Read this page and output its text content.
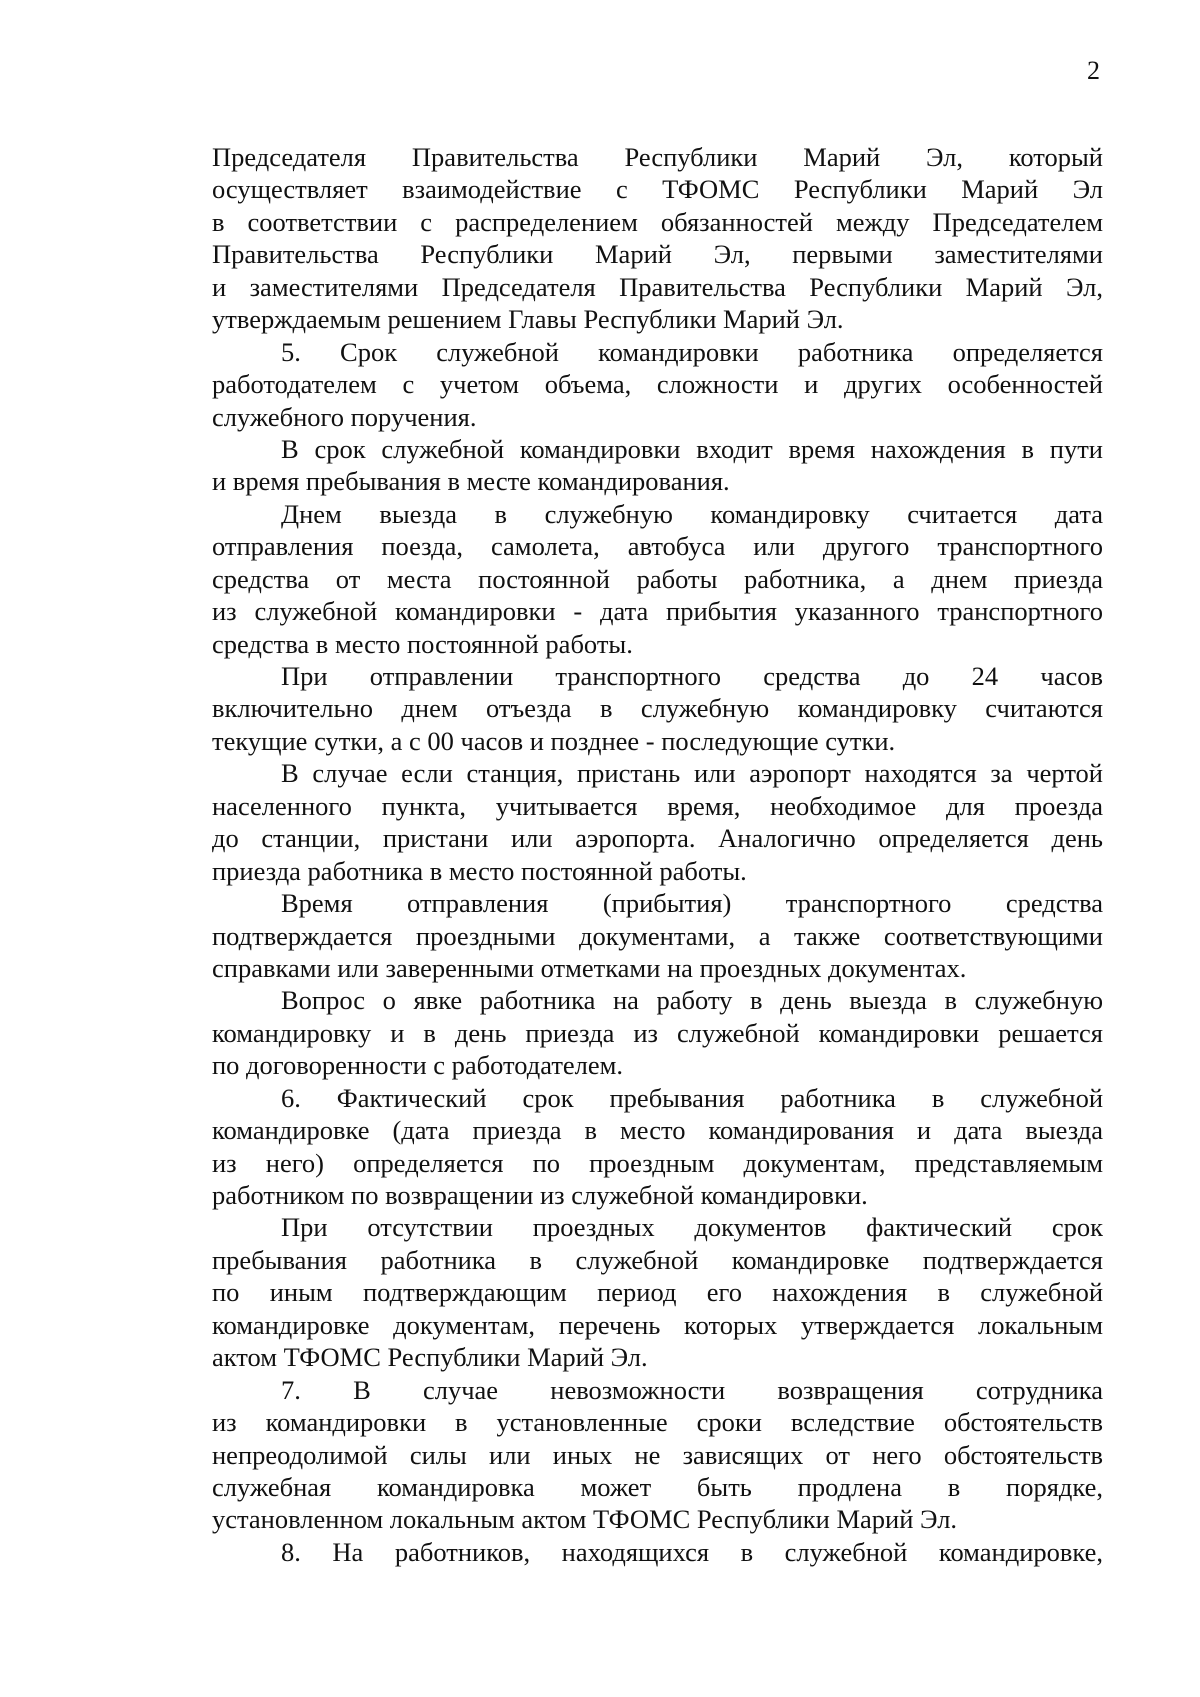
2
Председателя Правительства Республики Марий Эл, который
осуществляет взаимодействие с ТФОМС Республики Марий Эл
в соответствии с распределением обязанностей между Председателем
Правительства Республики Марий Эл, первыми заместителями
и заместителями Председателя Правительства Республики Марий Эл,
утверждаемым решением Главы Республики Марий Эл.
5. Срок служебной командировки работника определяется
работодателем с учетом объема, сложности и других особенностей
служебного поручения.
В срок служебной командировки входит время нахождения в пути
и время пребывания в месте командирования.
Днем выезда в служебную командировку считается дата
отправления поезда, самолета, автобуса или другого транспортного
средства от места постоянной работы работника, а днем приезда
из служебной командировки - дата прибытия указанного транспортного
средства в место постоянной работы.
При отправлении транспортного средства до 24 часов
включительно днем отъезда в служебную командировку считаются
текущие сутки, а с 00 часов и позднее - последующие сутки.
В случае если станция, пристань или аэропорт находятся за чертой
населенного пункта, учитывается время, необходимое для проезда
до станции, пристани или аэропорта. Аналогично определяется день
приезда работника в место постоянной работы.
Время отправления (прибытия) транспортного средства
подтверждается проездными документами, а также соответствующими
справками или заверенными отметками на проездных документах.
Вопрос о явке работника на работу в день выезда в служебную
командировку и в день приезда из служебной командировки решается
по договоренности с работодателем.
6. Фактический срок пребывания работника в служебной
командировке (дата приезда в место командирования и дата выезда
из него) определяется по проездным документам, представляемым
работником по возвращении из служебной командировки.
При отсутствии проездных документов фактический срок
пребывания работника в служебной командировке подтверждается
по иным подтверждающим период его нахождения в служебной
командировке документам, перечень которых утверждается локальным
актом ТФОМС Республики Марий Эл.
7. В случае невозможности возвращения сотрудника
из командировки в установленные сроки вследствие обстоятельств
непреодолимой силы или иных не зависящих от него обстоятельств
служебная командировка может быть продлена в порядке,
установленном локальным актом ТФОМС Республики Марий Эл.
8. На работников, находящихся в служебной командировке,
